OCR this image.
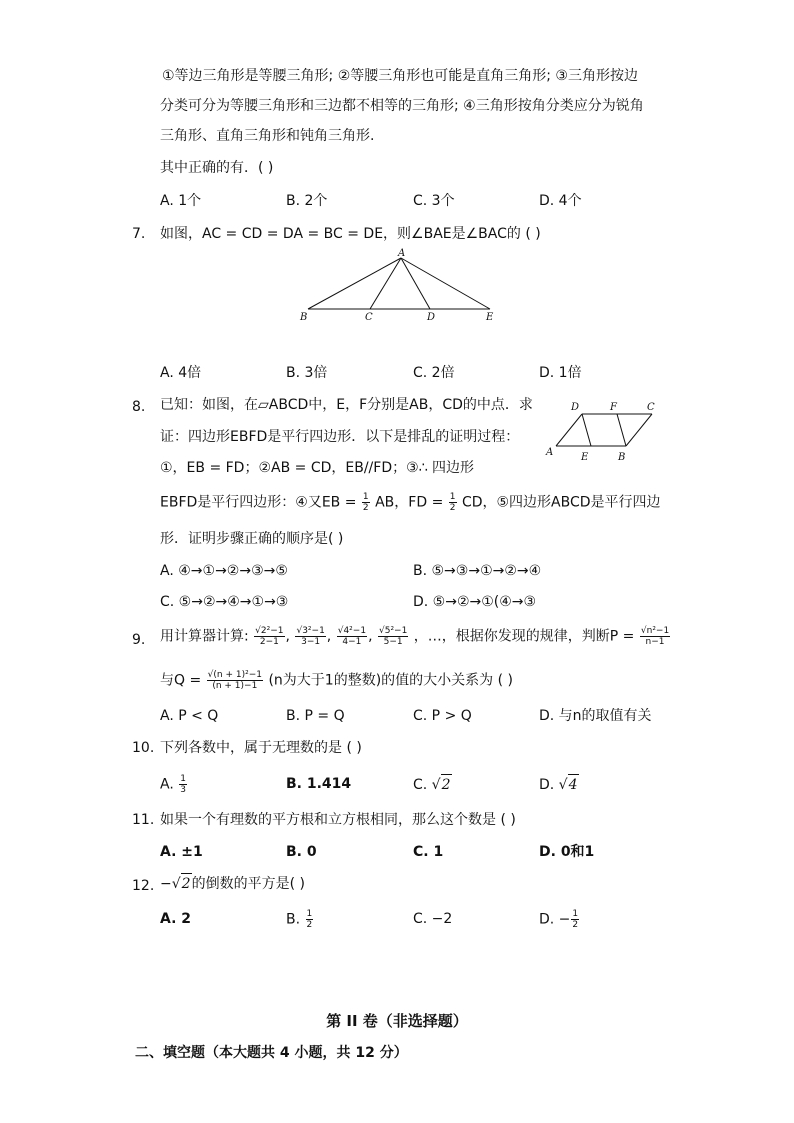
①等边三角形是等腰三角形; ②等腰三角形也可能是直角三角形; ③三角形按边
分类可分为等腰三角形和三边都不相等的三角形; ④三角形按角分类应分为锐角
三角形、直角三角形和钝角三角形.
其中正确的有．( )
A. 1个	B. 2个	C. 3个	D. 4个
7.	如图，AC = CD = DA = BC = DE，则∠BAE是∠BAC的 ( )
A
B	C	D	E
A. 4倍	B. 3倍	C. 2倍	D. 1倍
8.	已知：如图，在▱ABCD中，E，F分别是AB，CD的中点．求
证：四边形EBFD是平行四边形．以下是排乱的证明过程：
①，EB = FD；②AB = CD，EB//FD；③∴ 四边形
EBFD是平行四边形：④又EB = $\frac{1}{2}$ AB，FD = $\frac{1}{2}$ CD，⑤四边形ABCD是平行四边
形．证明步骤正确的顺序是( )
D	F	C
A	E	B
A. ④→①→②→③→⑤	B. ⑤→③→①→②→④
C. ⑤→②→④→①→③	D. ⑤→②→①(④→③
9.	用计算器计算: $\frac{\text{√2²−1}}{2-1}$ , $\frac{\text{√3²−1}}{3-1}$ , $\frac{\text{√4²−1}}{4-1}$ , $\frac{\text{√5²−1}}{5-1}$ ，…，根据你发现的规律，判断$P = \frac{\text{√n²−1}}{n-1}$
与$Q = \frac{\text{√(n + 1)²−1}}{(n + 1)-1} (n$为大于1的整数)的值的大小关系为 ( )
A. P < Q	B. P = Q	C. P > Q	D. 与n的取值有关
10. 下列各数中，属于无理数的是 ( )
A. $\frac{1}{3}$	B. 1.414	C. √2	D. √4
11. 如果一个有理数的平方根和立方根相同，那么这个数是 ( )
A. ±1	B. 0	C. 1	D. 0和1
12. −√2的倒数的平方是( )
A. 2	B. $\frac{1}{2}$	C. −2	D. − $\frac{1}{2}$
第 II 卷（非选择题）
二、填空题（本大题共 4 小题，共 12 分）
